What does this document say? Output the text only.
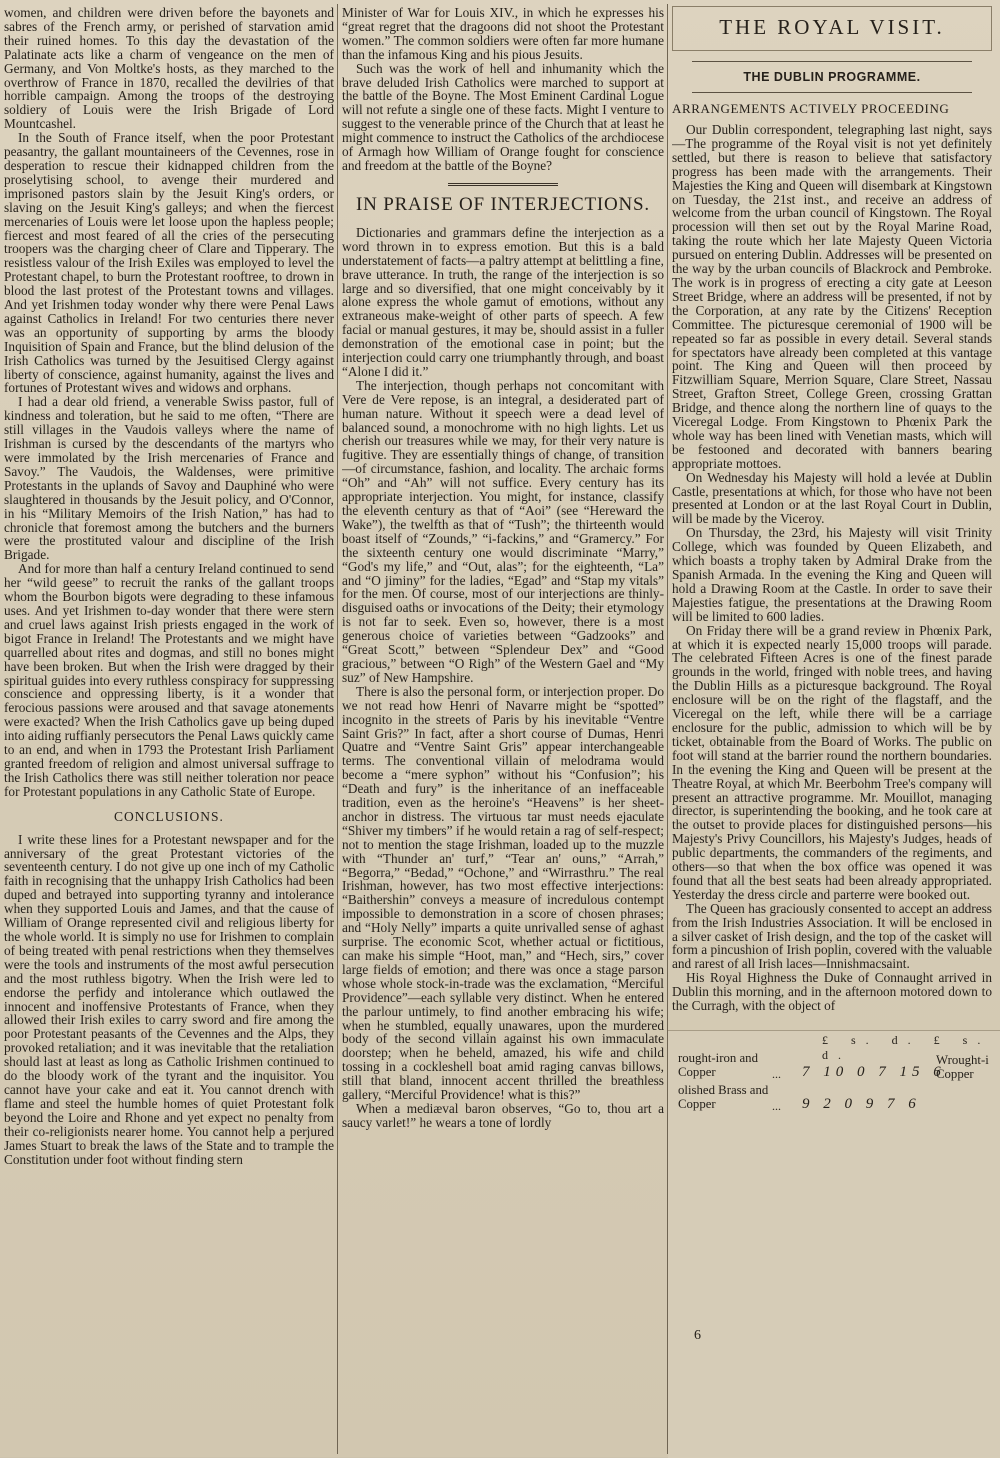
women, and children were driven before the bayonets and sabres of the French army, or perished of starvation amid their ruined homes. To this day the devastation of the Palatinate acts like a charm of vengeance on the men of Germany, and Von Moltke's hosts, as they marched to the overthrow of France in 1870, recalled the devilries of that horrible campaign. Among the troops of the destroying soldiery of Louis were the Irish Brigade of Lord Mountcashel.

In the South of France itself, when the poor Protestant peasantry, the gallant mountaineers of the Cevennes, rose in desperation to rescue their kidnapped children from the proselytising school, to avenge their murdered and imprisoned pastors slain by the Jesuit King's orders, or slaving on the Jesuit King's galleys; and when the fiercest mercenaries of Louis were let loose upon the hapless people; fiercest and most feared of all the cries of the persecuting troopers was the charging cheer of Clare and Tipperary. The resistless valour of the Irish Exiles was employed to level the Protestant chapel, to burn the Protestant rooftree, to drown in blood the last protest of the Protestant towns and villages. And yet Irishmen today wonder why there were Penal Laws against Catholics in Ireland! For two centuries there never was an opportunity of supporting by arms the bloody Inquisition of Spain and France, but the blind delusion of the Irish Catholics was turned by the Jesuitised Clergy against liberty of conscience, against humanity, against the lives and fortunes of Protestant wives and widows and orphans.

I had a dear old friend, a venerable Swiss pastor, full of kindness and toleration, but he said to me often, “There are still villages in the Vaudois valleys where the name of Irishman is cursed by the descendants of the martyrs who were immolated by the Irish mercenaries of France and Savoy.” The Vaudois, the Waldenses, were primitive Protestants in the uplands of Savoy and Dauphiné who were slaughtered in thousands by the Jesuit policy, and O'Connor, in his “Military Memoirs of the Irish Nation,” has had to chronicle that foremost among the butchers and the burners were the prostituted valour and discipline of the Irish Brigade.

And for more than half a century Ireland continued to send her “wild geese” to recruit the ranks of the gallant troops whom the Bourbon bigots were degrading to these infamous uses. And yet Irishmen to-day wonder that there were stern and cruel laws against Irish priests engaged in the work of bigot France in Ireland! The Protestants and we might have quarrelled about rites and dogmas, and still no bones might have been broken. But when the Irish were dragged by their spiritual guides into every ruthless conspiracy for suppressing conscience and oppressing liberty, is it a wonder that ferocious passions were aroused and that savage atonements were exacted? When the Irish Catholics gave up being duped into aiding ruffianly persecutors the Penal Laws quickly came to an end, and when in 1793 the Protestant Irish Parliament granted freedom of religion and almost universal suffrage to the Irish Catholics there was still neither toleration nor peace for Protestant populations in any Catholic State of Europe.

CONCLUSIONS.

I write these lines for a Protestant newspaper and for the anniversary of the great Protestant victories of the seventeenth century. I do not give up one inch of my Catholic faith in recognising that the unhappy Irish Catholics had been duped and betrayed into supporting tyranny and intolerance when they supported Louis and James, and that the cause of William of Orange represented civil and religious liberty for the whole world. It is simply no use for Irishmen to complain of being treated with penal restrictions when they themselves were the tools and instruments of the most awful persecution and the most ruthless bigotry. When the Irish were led to endorse the perfidy and intolerance which outlawed the innocent and inoffensive Protestants of France, when they allowed their Irish exiles to carry sword and fire among the poor Protestant peasants of the Cevennes and the Alps, they provoked retaliation; and it was inevitable that the retaliation should last at least as long as Catholic Irishmen continued to do the bloody work of the tyrant and the inquisitor. You cannot have your cake and eat it. You cannot drench with flame and steel the humble homes of quiet Protestant folk beyond the Loire and Rhone and yet expect no penalty from their co-religionists nearer home. You cannot help a perjured James Stuart to break the laws of the State and to trample the Constitution under foot without finding stern

Minister of War for Louis XIV., in which he expresses his “great regret that the dragoons did not shoot the Protestant women.” The common soldiers were often far more humane than the infamous King and his pious Jesuits.

Such was the work of hell and inhumanity which the brave deluded Irish Catholics were marched to support at the battle of the Boyne. The Most Eminent Cardinal Logue will not refute a single one of these facts. Might I venture to suggest to the venerable prince of the Church that at least he might commence to instruct the Catholics of the archdiocese of Armagh how William of Orange fought for conscience and freedom at the battle of the Boyne?

IN PRAISE OF INTERJECTIONS.

Dictionaries and grammars define the interjection as a word thrown in to express emotion. But this is a bald understatement of facts—a paltry attempt at belittling a fine, brave utterance. In truth, the range of the interjection is so large and so diversified, that one might conceivably by it alone express the whole gamut of emotions, without any extraneous make-weight of other parts of speech. A few facial or manual gestures, it may be, should assist in a fuller demonstration of the emotional case in point; but the interjection could carry one triumphantly through, and boast “Alone I did it.”

The interjection, though perhaps not concomitant with Vere de Vere repose, is an integral, a desiderated part of human nature. Without it speech were a dead level of balanced sound, a monochrome with no high lights. Let us cherish our treasures while we may, for their very nature is fugitive. They are essentially things of change, of transition—of circumstance, fashion, and locality. The archaic forms “Oh” and “Ah” will not suffice. Every century has its appropriate interjection. You might, for instance, classify the eleventh century as that of “Aoi” (see “Hereward the Wake”), the twelfth as that of “Tush”; the thirteenth would boast itself of “Zounds,” “i-fackins,” and “Gramercy.” For the sixteenth century one would discriminate “Marry,” “God's my life,” and “Out, alas”; for the eighteenth, “La” and “O jiminy” for the ladies, “Egad” and “Stap my vitals” for the men. Of course, most of our interjections are thinly-disguised oaths or invocations of the Deity; their etymology is not far to seek. Even so, however, there is a most generous choice of varieties between “Gadzooks” and “Great Scott,” between “Splendeur Dex” and “Good gracious,” between “O Righ” of the Western Gael and “My suz” of New Hampshire.

There is also the personal form, or interjection proper. Do we not read how Henri of Navarre might be “spotted” incognito in the streets of Paris by his inevitable “Ventre Saint Gris?” In fact, after a short course of Dumas, Henri Quatre and “Ventre Saint Gris” appear interchangeable terms. The conventional villain of melodrama would become a “mere syphon” without his “Confusion”; his “Death and fury” is the inheritance of an ineffaceable tradition, even as the heroine's “Heavens” is her sheet-anchor in distress. The virtuous tar must needs ejaculate “Shiver my timbers” if he would retain a rag of self-respect; not to mention the stage Irishman, loaded up to the muzzle with “Thunder an' turf,” “Tear an' ouns,” “Arrah,” “Begorra,” “Bedad,” “Ochone,” and “Wirrasthru.” The real Irishman, however, has two most effective interjections: “Baithershin” conveys a measure of incredulous contempt impossible to demonstration in a score of chosen phrases; and “Holy Nelly” imparts a quite unrivalled sense of aghast surprise. The economic Scot, whether actual or fictitious, can make his simple “Hoot, man,” and “Hech, sirs,” cover large fields of emotion; and there was once a stage parson whose whole stock-in-trade was the exclamation, “Merciful Providence”—each syllable very distinct. When he entered the parlour untimely, to find another embracing his wife; when he stumbled, equally unawares, upon the murdered body of the second villain against his own immaculate doorstep; when he beheld, amazed, his wife and child tossing in a cockleshell boat amid raging canvas billows, still that bland, innocent accent thrilled the breathless gallery, “Merciful Providence! what is this?”

When a mediæval baron observes, “Go to, thou art a saucy varlet!” he wears a tone of lordly

THE ROYAL VISIT.
THE DUBLIN PROGRAMME.
ARRANGEMENTS ACTIVELY PROCEEDING

Our Dublin correspondent, telegraphing last night, says—The programme of the Royal visit is not yet definitely settled, but there is reason to believe that satisfactory progress has been made with the arrangements. Their Majesties the King and Queen will disembark at Kingstown on Tuesday, the 21st inst., and receive an address of welcome from the urban council of Kingstown. The Royal procession will then set out by the Royal Marine Road, taking the route which her late Majesty Queen Victoria pursued on entering Dublin. Addresses will be presented on the way by the urban councils of Blackrock and Pembroke. The work is in progress of erecting a city gate at Leeson Street Bridge, where an address will be presented, if not by the Corporation, at any rate by the Citizens' Reception Committee. The picturesque ceremonial of 1900 will be repeated so far as possible in every detail. Several stands for spectators have already been completed at this vantage point. The King and Queen will then proceed by Fitzwilliam Square, Merrion Square, Clare Street, Nassau Street, Grafton Street, College Green, crossing Grattan Bridge, and thence along the northern line of quays to the Viceregal Lodge. From Kingstown to Phœnix Park the whole way has been lined with Venetian masts, which will be festooned and decorated with banners bearing appropriate mottoes.

On Wednesday his Majesty will hold a levée at Dublin Castle, presentations at which, for those who have not been presented at London or at the last Royal Court in Dublin, will be made by the Viceroy.

On Thursday, the 23rd, his Majesty will visit Trinity College, which was founded by Queen Elizabeth, and which boasts a trophy taken by Admiral Drake from the Spanish Armada. In the evening the King and Queen will hold a Drawing Room at the Castle. In order to save their Majesties fatigue, the presentations at the Drawing Room will be limited to 600 ladies.

On Friday there will be a grand review in Phœnix Park, at which it is expected nearly 15,000 troops will parade. The celebrated Fifteen Acres is one of the finest parade grounds in the world, fringed with noble trees, and having the Dublin Hills as a picturesque background. The Royal enclosure will be on the right of the flagstaff, and the Viceregal on the left, while there will be a carriage enclosure for the public, admission to which will be by ticket, obtainable from the Board of Works. The public on foot will stand at the barrier round the northern boundaries. In the evening the King and Queen will be present at the Theatre Royal, at which Mr. Beerbohm Tree's company will present an attractive programme. Mr. Mouillot, managing director, is superintending the booking, and he took care at the outset to provide places for distinguished persons—his Majesty's Privy Councillors, his Majesty's Judges, heads of public departments, the commanders of the regiments, and others—so that when the box office was opened it was found that all the best seats had been already appropriated. Yesterday the dress circle and parterre were booked out.

The Queen has graciously consented to accept an address from the Irish Industries Association. It will be enclosed in a silver casket of Irish design, and the top of the casket will form a pincushion of Irish poplin, covered with the valuable and rarest of all Irish laces—Innishmacsaint.

His Royal Highness the Duke of Connaught arrived in Dublin this morning, and in the afternoon motored down to the Curragh, with the object of

£ s. d. £ s. d.
rought-iron and Copper	... 7 10 0 7 15 6
Wrought-i Copper
olished Brass and Copper	... 9 2 0 9 7 6
6
